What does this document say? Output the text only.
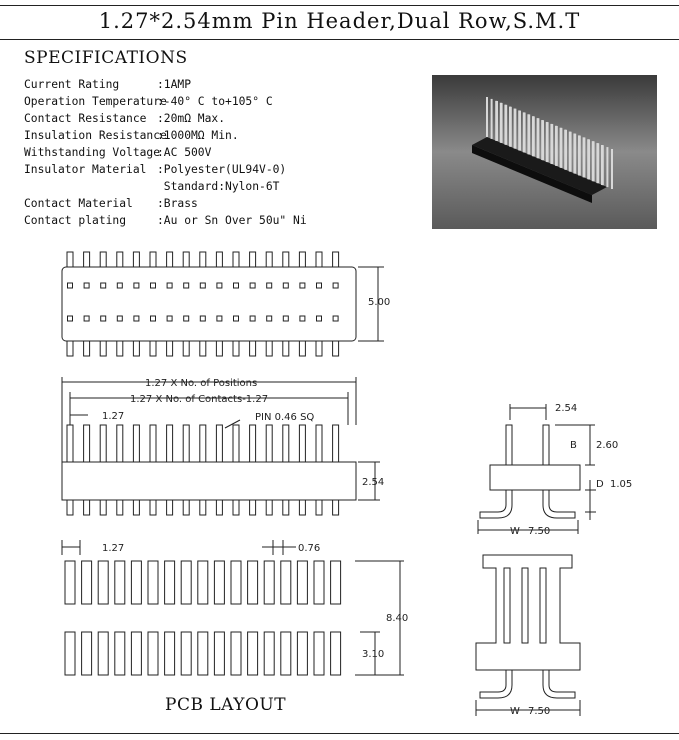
1.27*2.54mm Pin Header,Dual Row,S.M.T
SPECIFICATIONS
Current Rating	:1AMP
Operation Temperature:-40° C to+105° C
Contact Resistance :20mΩ Max.
Insulation Resistance:1000MΩ Min.
Withstanding Voltage:AC 500V
Insulator Material :Polyester(UL94V-0)
Standard:Nylon-6T
Contact Material :Brass
Contact plating	:Au or Sn Over 50u" Ni
5.00
1.27 X No. of Positions
1.27 X No. of Contacts-1.27
1.27	PIN 0.46 SQ
2.54
2.54
B 2.60
D 1.05
W 7.50
1.27	0.76
8.40
3.10
W 7.50
PCB LAYOUT
